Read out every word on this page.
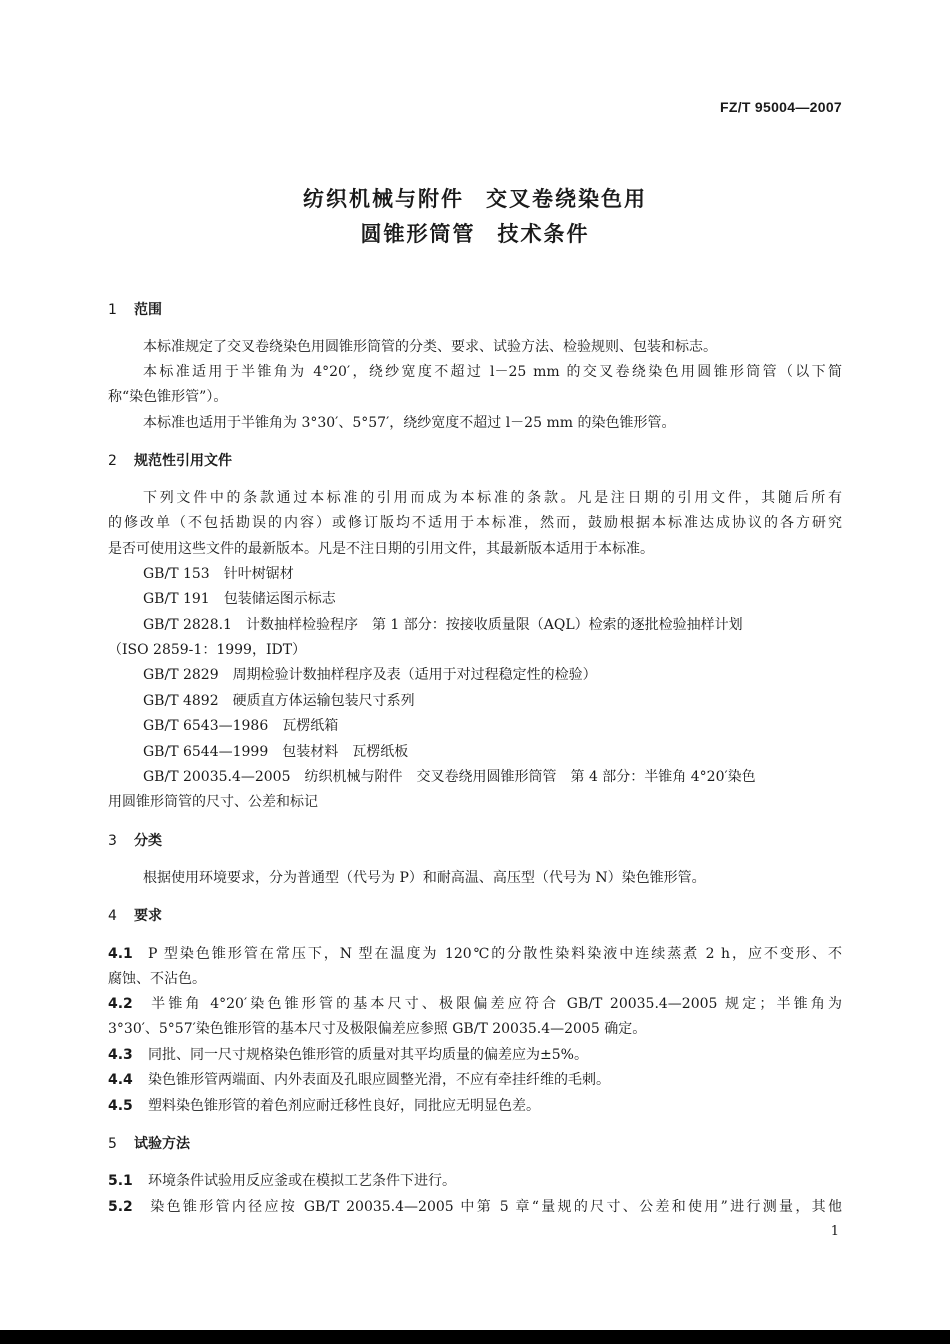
FZ/T 95004—2007
纺织机械与附件 交叉卷绕染色用
圆锥形筒管 技术条件
1 范围
本标准规定了交叉卷绕染色用圆锥形筒管的分类、要求、试验方法、检验规则、包装和标志。
本标准适用于半锥角为 4°20′，绕纱宽度不超过 l－25 mm 的交叉卷绕染色用圆锥形筒管（以下简
称“染色锥形管”）。
本标准也适用于半锥角为 3°30′、5°57′，绕纱宽度不超过 l－25 mm 的染色锥形管。
2 规范性引用文件
下列文件中的条款通过本标准的引用而成为本标准的条款。凡是注日期的引用文件，其随后所有
的修改单（不包括勘误的内容）或修订版均不适用于本标准，然而，鼓励根据本标准达成协议的各方研究
是否可使用这些文件的最新版本。凡是不注日期的引用文件，其最新版本适用于本标准。
GB/T 153 针叶树锯材
GB/T 191 包装储运图示标志
GB/T 2828.1 计数抽样检验程序　第 1 部分：按接收质量限（AQL）检索的逐批检验抽样计划
（ISO 2859-1：1999，IDT）
GB/T 2829 周期检验计数抽样程序及表（适用于对过程稳定性的检验）
GB/T 4892 硬质直方体运输包装尺寸系列
GB/T 6543—1986 瓦楞纸箱
GB/T 6544—1999 包装材料　瓦楞纸板
GB/T 20035.4—2005 纺织机械与附件　交叉卷绕用圆锥形筒管　第 4 部分：半锥角 4°20′染色
用圆锥形筒管的尺寸、公差和标记
3 分类
根据使用环境要求，分为普通型（代号为 P）和耐高温、高压型（代号为 N）染色锥形管。
4 要求
4.1 P 型染色锥形管在常压下，N 型在温度为 120℃的分散性染料染液中连续蒸煮 2 h，应不变形、不
腐蚀、不沾色。
4.2 半锥角 4°20′染色锥形管的基本尺寸、极限偏差应符合 GB/T 20035.4—2005 规定；半锥角为
3°30′、5°57′染色锥形管的基本尺寸及极限偏差应参照 GB/T 20035.4—2005 确定。
4.3 同批、同一尺寸规格染色锥形管的质量对其平均质量的偏差应为±5%。
4.4 染色锥形管两端面、内外表面及孔眼应圆整光滑，不应有牵挂纤维的毛刺。
4.5 塑料染色锥形管的着色剂应耐迁移性良好，同批应无明显色差。
5 试验方法
5.1 环境条件试验用反应釜或在模拟工艺条件下进行。
5.2 染色锥形管内径应按 GB/T 20035.4—2005 中第 5 章“量规的尺寸、公差和使用”进行测量，其他
1
